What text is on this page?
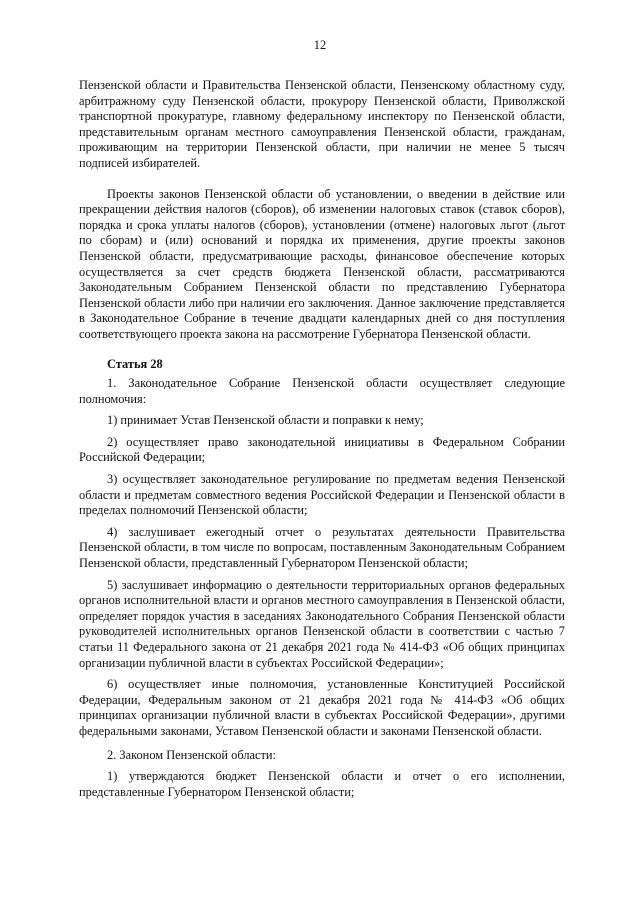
12

Пензенской области и Правительства Пензенской области, Пензенскому областному суду, арбитражному суду Пензенской области, прокурору Пензенской области, Приволжской транспортной прокуратуре, главному федеральному инспектору по Пензенской области, представительным органам местного самоуправления Пензенской области, гражданам, проживающим на территории Пензенской области, при наличии не менее 5 тысяч подписей избирателей.

Проекты законов Пензенской области об установлении, о введении в действие или прекращении действия налогов (сборов), об изменении налоговых ставок (ставок сборов), порядка и срока уплаты налогов (сборов), установлении (отмене) налоговых льгот (льгот по сборам) и (или) оснований и порядка их применения, другие проекты законов Пензенской области, предусматривающие расходы, финансовое обеспечение которых осуществляется за счет средств бюджета Пензенской области, рассматриваются Законодательным Собранием Пензенской области по представлению Губернатора Пензенской области либо при наличии его заключения. Данное заключение представляется в Законодательное Собрание в течение двадцати календарных дней со дня поступления соответствующего проекта закона на рассмотрение Губернатора Пензенской области.

Статья 28

1. Законодательное Собрание Пензенской области осуществляет следующие полномочия:

1) принимает Устав Пензенской области и поправки к нему;

2) осуществляет право законодательной инициативы в Федеральном Собрании Российской Федерации;

3) осуществляет законодательное регулирование по предметам ведения Пензенской области и предметам совместного ведения Российской Федерации и Пензенской области в пределах полномочий Пензенской области;

4) заслушивает ежегодный отчет о результатах деятельности Правительства Пензенской области, в том числе по вопросам, поставленным Законодательным Собранием Пензенской области, представленный Губернатором Пензенской области;

5) заслушивает информацию о деятельности территориальных органов федеральных органов исполнительной власти и органов местного самоуправления в Пензенской области, определяет порядок участия в заседаниях Законодательного Собрания Пензенской области руководителей исполнительных органов Пензенской области в соответствии с частью 7 статьи 11 Федерального закона от 21 декабря 2021 года № 414-ФЗ «Об общих принципах организации публичной власти в субъектах Российской Федерации»;

6) осуществляет иные полномочия, установленные Конституцией Российской Федерации, Федеральным законом от 21 декабря 2021 года № 414-ФЗ «Об общих принципах организации публичной власти в субъектах Российской Федерации», другими федеральными законами, Уставом Пензенской области и законами Пензенской области.

2. Законом Пензенской области:

1) утверждаются бюджет Пензенской области и отчет о его исполнении, представленные Губернатором Пензенской области;
